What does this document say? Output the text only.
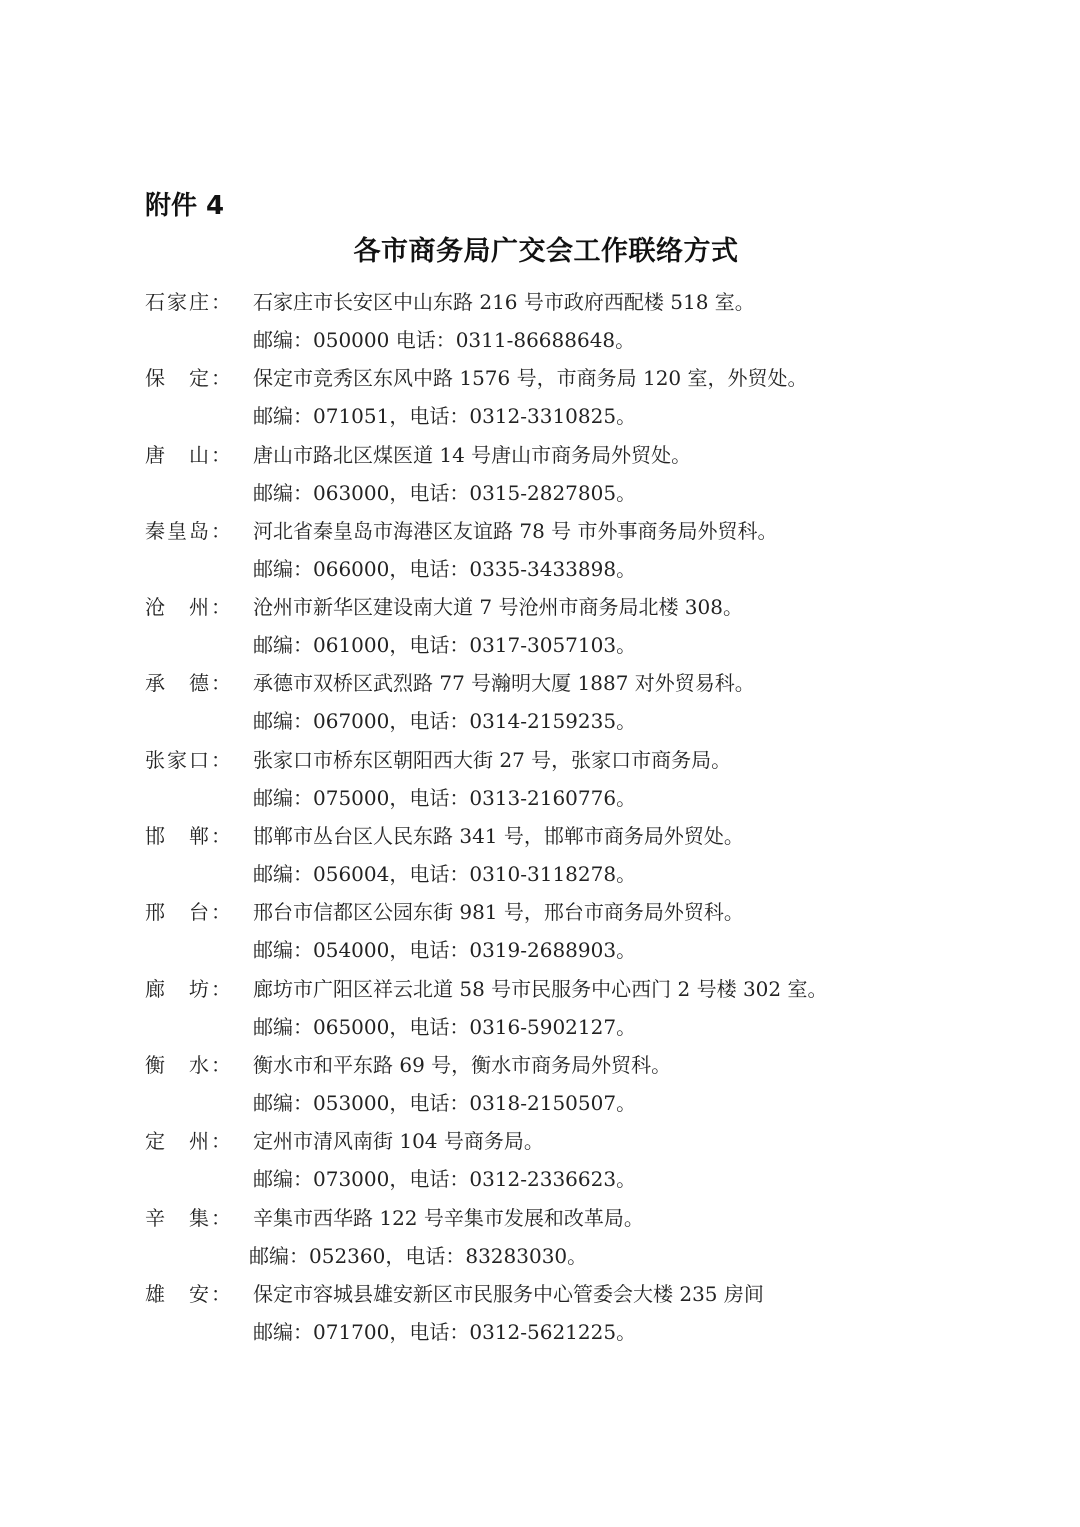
附件 4
各市商务局广交会工作联络方式
石 家 庄 ： 石家庄市长安区中山东路 216 号市政府西配楼 518 室。
邮编：050000 电话：0311-86688648。
保 定 ： 保定市竞秀区东风中路 1576 号，市商务局 120 室，外贸处。
邮编：071051，电话：0312-3310825。
唐 山 ： 唐山市路北区煤医道 14 号唐山市商务局外贸处。
邮编：063000，电话：0315-2827805。
秦 皇 岛 ： 河北省秦皇岛市海港区友谊路 78 号 市外事商务局外贸科。
邮编：066000，电话：0335-3433898。
沧 州 ： 沧州市新华区建设南大道 7 号沧州市商务局北楼 308。
邮编：061000，电话：0317-3057103。
承 德 ： 承德市双桥区武烈路 77 号瀚明大厦 1887 对外贸易科。
邮编：067000，电话：0314-2159235。
张 家 口 ： 张家口市桥东区朝阳西大街 27 号，张家口市商务局。
邮编：075000，电话：0313-2160776。
邯 郸 ： 邯郸市丛台区人民东路 341 号，邯郸市商务局外贸处。
邮编：056004，电话：0310-3118278。
邢 台 ： 邢台市信都区公园东街 981 号，邢台市商务局外贸科。
邮编：054000，电话：0319-2688903。
廊 坊 ： 廊坊市广阳区祥云北道 58 号市民服务中心西门 2 号楼 302 室。
邮编：065000，电话：0316-5902127。
衡 水 ： 衡水市和平东路 69 号，衡水市商务局外贸科。
邮编：053000，电话：0318-2150507。
定 州 ： 定州市清风南街 104 号商务局。
邮编：073000，电话：0312-2336623。
辛 集 ： 辛集市西华路 122 号辛集市发展和改革局。
邮编：052360，电话：83283030。
雄 安 ： 保定市容城县雄安新区市民服务中心管委会大楼 235 房间
邮编：071700，电话：0312-5621225。
